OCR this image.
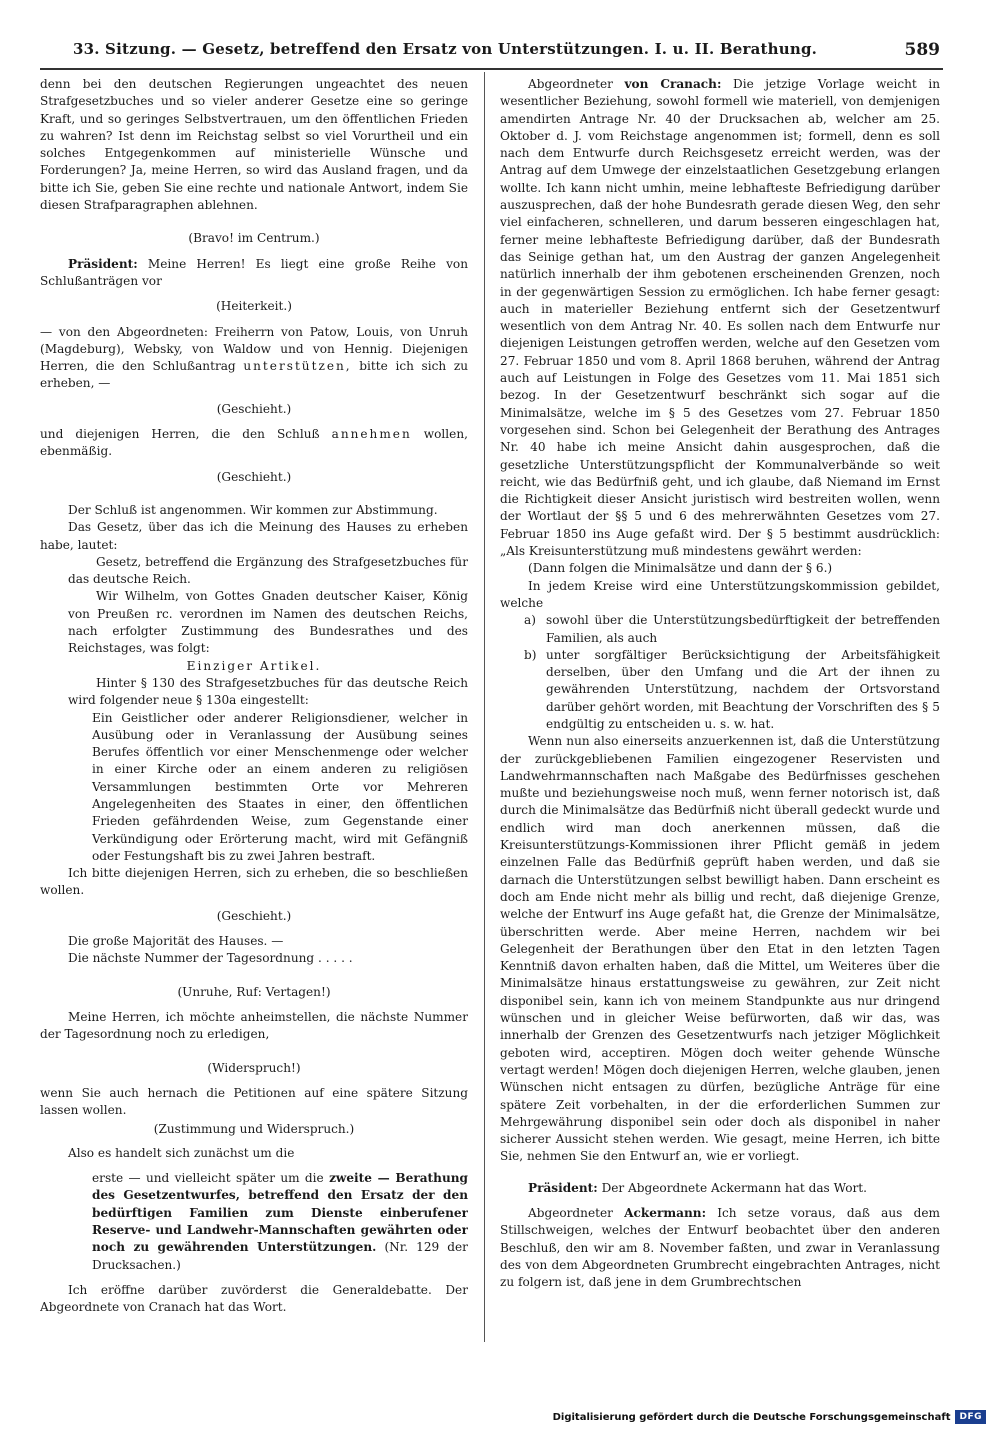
33. Sitzung. — Gesetz, betreffend den Ersatz von Unterstützungen. I. u. II. Berathung.	589

denn bei den deutschen Regierungen ungeachtet des neuen Strafgesetzbuches und so vieler anderer Gesetze eine so geringe Kraft, und so geringes Selbstvertrauen, um den öffentlichen Frieden zu wahren? Ist denn im Reichstag selbst so viel Vorurtheil und ein solches Entgegenkommen auf ministerielle Wünsche und Forderungen? Ja, meine Herren, so wird das Ausland fragen, und da bitte ich Sie, geben Sie eine rechte und nationale Antwort, indem Sie diesen Strafparagraphen ablehnen.

(Bravo! im Centrum.)

Präsident: Meine Herren! Es liegt eine große Reihe von Schlußanträgen vor

(Heiterkeit.)

— von den Abgeordneten: Freiherrn von Patow, Louis, von Unruh (Magdeburg), Websky, von Waldow und von Hennig. Diejenigen Herren, die den Schlußantrag unterstützen, bitte ich sich zu erheben, —

(Geschieht.)

und diejenigen Herren, die den Schluß annehmen wollen, ebenmäßig.

(Geschieht.)

Der Schluß ist angenommen. Wir kommen zur Abstimmung.

Das Gesetz, über das ich die Meinung des Hauses zu erheben habe, lautet:

Gesetz, betreffend die Ergänzung des Strafgesetzbuches für das deutsche Reich.

Wir Wilhelm, von Gottes Gnaden deutscher Kaiser, König von Preußen rc. verordnen im Namen des deutschen Reichs, nach erfolgter Zustimmung des Bundesrathes und des Reichstages, was folgt:

Einziger Artikel.

Hinter § 130 des Strafgesetzbuches für das deutsche Reich wird folgender neue § 130a eingestellt:

Ein Geistlicher oder anderer Religionsdiener, welcher in Ausübung oder in Veranlassung der Ausübung seines Berufes öffentlich vor einer Menschenmenge oder welcher in einer Kirche oder an einem anderen zu religiösen Versammlungen bestimmten Orte vor Mehreren Angelegenheiten des Staates in einer, den öffentlichen Frieden gefährdenden Weise, zum Gegenstande einer Verkündigung oder Erörterung macht, wird mit Gefängniß oder Festungshaft bis zu zwei Jahren bestraft.

Ich bitte diejenigen Herren, sich zu erheben, die so beschließen wollen.

(Geschieht.)

Die große Majorität des Hauses. —

Die nächste Nummer der Tagesordnung . . . . .

(Unruhe, Ruf: Vertagen!)

Meine Herren, ich möchte anheimstellen, die nächste Nummer der Tagesordnung noch zu erledigen,

(Widerspruch!)

wenn Sie auch hernach die Petitionen auf eine spätere Sitzung lassen wollen.

(Zustimmung und Widerspruch.)

Also es handelt sich zunächst um die

erste — und vielleicht später um die zweite — Berathung des Gesetzentwurfes, betreffend den Ersatz der den bedürftigen Familien zum Dienste einberufener Reserve- und Landwehr-Mannschaften gewährten oder noch zu gewährenden Unterstützungen. (Nr. 129 der Drucksachen.)

Ich eröffne darüber zuvörderst die Generaldebatte. Der Abgeordnete von Cranach hat das Wort.

Abgeordneter von Cranach: Die jetzige Vorlage weicht in wesentlicher Beziehung, sowohl formell wie materiell, von demjenigen amendirten Antrage Nr. 40 der Drucksachen ab, welcher am 25. Oktober d. J. vom Reichstage angenommen ist; formell, denn es soll nach dem Entwurfe durch Reichsgesetz erreicht werden, was der Antrag auf dem Umwege der einzelstaatlichen Gesetzgebung erlangen wollte. Ich kann nicht umhin, meine lebhafteste Befriedigung darüber auszusprechen, daß der hohe Bundesrath gerade diesen Weg, den sehr viel einfacheren, schnelleren, und darum besseren eingeschlagen hat, ferner meine lebhafteste Befriedigung darüber, daß der Bundesrath das Seinige gethan hat, um den Austrag der ganzen Angelegenheit natürlich innerhalb der ihm gebotenen erscheinenden Grenzen, noch in der gegenwärtigen Session zu ermöglichen. Ich habe ferner gesagt: auch in materieller Beziehung entfernt sich der Gesetzentwurf wesentlich von dem Antrag Nr. 40. Es sollen nach dem Entwurfe nur diejenigen Leistungen getroffen werden, welche auf den Gesetzen vom 27. Februar 1850 und vom 8. April 1868 beruhen, während der Antrag auch auf Leistungen in Folge des Gesetzes vom 11. Mai 1851 sich bezog. In der Gesetzentwurf beschränkt sich sogar auf die Minimalsätze, welche im § 5 des Gesetzes vom 27. Februar 1850 vorgesehen sind. Schon bei Gelegenheit der Berathung des Antrages Nr. 40 habe ich meine Ansicht dahin ausgesprochen, daß die gesetzliche Unterstützungspflicht der Kommunalverbände so weit reicht, wie das Bedürfniß geht, und ich glaube, daß Niemand im Ernst die Richtigkeit dieser Ansicht juristisch wird bestreiten wollen, wenn der Wortlaut der §§ 5 und 6 des mehrerwähnten Gesetzes vom 27. Februar 1850 ins Auge gefaßt wird. Der § 5 bestimmt ausdrücklich: „Als Kreisunterstützung muß mindestens gewährt werden:

(Dann folgen die Minimalsätze und dann der § 6.)

In jedem Kreise wird eine Unterstützungskommission gebildet, welche

a) sowohl über die Unterstützungsbedürftigkeit der betreffenden Familien, als auch
b) unter sorgfältiger Berücksichtigung der Arbeitsfähigkeit derselben, über den Umfang und die Art der ihnen zu gewährenden Unterstützung, nachdem der Ortsvorstand darüber gehört worden, mit Beachtung der Vorschriften des § 5 endgültig zu entscheiden u. s. w. hat.

Wenn nun also einerseits anzuerkennen ist, daß die Unterstützung der zurückgebliebenen Familien eingezogener Reservisten und Landwehrmannschaften nach Maßgabe des Bedürfnisses geschehen mußte und beziehungsweise noch muß, wenn ferner notorisch ist, daß durch die Minimalsätze das Bedürfniß nicht überall gedeckt wurde und endlich wird man doch anerkennen müssen, daß die Kreisunterstützungs-Kommissionen ihrer Pflicht gemäß in jedem einzelnen Falle das Bedürfniß geprüft haben werden, und daß sie darnach die Unterstützungen selbst bewilligt haben. Dann erscheint es doch am Ende nicht mehr als billig und recht, daß diejenige Grenze, welche der Entwurf ins Auge gefaßt hat, die Grenze der Minimalsätze, überschritten werde. Aber meine Herren, nachdem wir bei Gelegenheit der Berathungen über den Etat in den letzten Tagen Kenntniß davon erhalten haben, daß die Mittel, um Weiteres über die Minimalsätze hinaus erstattungsweise zu gewähren, zur Zeit nicht disponibel sein, kann ich von meinem Standpunkte aus nur dringend wünschen und in gleicher Weise befürworten, daß wir das, was innerhalb der Grenzen des Gesetzentwurfs nach jetziger Möglichkeit geboten wird, acceptiren. Mögen doch weiter gehende Wünsche vertagt werden! Mögen doch diejenigen Herren, welche glauben, jenen Wünschen nicht entsagen zu dürfen, bezügliche Anträge für eine spätere Zeit vorbehalten, in der die erforderlichen Summen zur Mehrgewährung disponibel sein oder doch als disponibel in naher sicherer Aussicht stehen werden. Wie gesagt, meine Herren, ich bitte Sie, nehmen Sie den Entwurf an, wie er vorliegt.

Präsident: Der Abgeordnete Ackermann hat das Wort.

Abgeordneter Ackermann: Ich setze voraus, daß aus dem Stillschweigen, welches der Entwurf beobachtet über den anderen Beschluß, den wir am 8. November faßten, und zwar in Veranlassung des von dem Abgeordneten Grumbrecht eingebrachten Antrages, nicht zu folgern ist, daß jene in dem Grumbrechtschen

Digitalisierung gefördert durch die Deutsche Forschungsgemeinschaft	DFG
